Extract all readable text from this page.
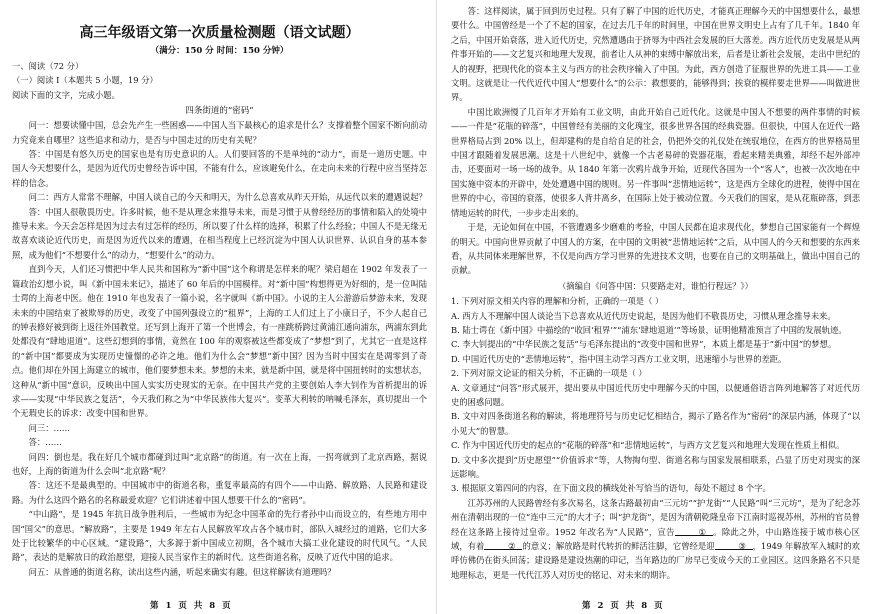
高三年级语文第一次质量检测题（语文试题）
（满分：150 分 时间：150 分钟）

一、阅读（72 分）

（一）阅读 I（本题共 5 小题，19 分）

阅读下面的文字，完成小题。

四条街道的“密码”

问一：想要读懂中国，总会先产生一些困惑——中国人当下最核心的追求是什么？支撑着整个国家不断向前动力究竟来自哪里？这些追求和动力，是否与中国走过的历史有关呢？

答：中国是有悠久历史的国家也是有历史意识的人。人们要回答的不是单纯的“动力”，而是一道历史题。中国人今天想要什么，是因为近代历史曾经告诉中国，不能有什么，应该避免什么，在走向未来的行程中应当坚持怎样的信念。

问二：西方人常常不理解，中国人谈自己的今天和明天，为什么总喜欢从昨天开始，从远代以来的遭遇说起？

答：中国人很敬畏历史。许多时候，他不是从理念来推导未来，而是习惯于从曾经经历的事情和陷入的处境中推导未来。今天会怎样是因为过去有过怎样的经历，所以要了什么样的选择，积累了什么经验；中国人不是无缘无故喜欢谈论近代历史，而是因为近代以来的遭遇，在相当程度上已经沉淀为中国人认识世界、认识自身的基本参照，成为他们“不想要什么”的动力，“想要什么”的动力。

直到今天，人们还习惯把中华人民共和国称为“新中国”这个称谓是怎样来的呢？梁启超在 1902 年发表了一篇政治幻想小说，叫《新中国未来记》，描述了 60 年后的中国模样。对“新中国”构想得更为好细的，是一位叫陆士谔的上海老中医。他在 1910 年也发表了一篇小说，名字就叫《新中国》。小说的主人公游游后梦游未来，发现未来的中国结束了被欺辱的历史，改变了中国列强设立的“租界”，上海的工人们过上了小康日子，不少人起自己的钟表修好被到街上返往外国教堂。还写到上海开了第一个世博会，有一座跳桥跨过黄浦江通向浦东，两浦东到此处都没有“肆地退道”。这些幻想到的事情，竟然在 100 年的观察被这些都变成了“梦想”到了，尤其它一直是这样的“新中国”都要成为实现历史憧憬的必许之地。他们为什么会“梦想”新中国？因为当时中国实在是凋零到了奇点。他们却在外国上海建立的城市，他们要梦想未来。梦想的未来，就是新中国，就是将中国扭转时的实想状态，这种从“新中国”意识，反映出中国人实实历史现实的无奈。在中国共产党的主要创始人李大钊作为首析提出的诉求——实现“中华民族之复活”，今天我们称之为“中华民族伟大复兴”。变革大利转的呐喊毛泽东，真切提出一个个无瑕史长的诉求：改变中国和世界。

问三：……

答：……

问四：倒也是。我在好几个城市都碰到过叫“北京路”的街道。有一次在上海，一拐弯就到了北京西路，据说也好，上海的街道为什么会叫“北京路”呢？

答：这还不是最典型的。中国城市中的街道名称，重复率最高的有四个——中山路、解放路、人民路和建设路。为什么这四个路名的名称最爱欢迎？它们讲述着中国人想要干什么的“密码”。

“中山路”，是 1945 年抗日战争胜利后，一些城市为纪念中国革命的先行者孙中山而设立的，有些地方用中国“国父”的意思。“解放路”，主要是 1949 年左右人民解放军攻占各个城市时，部队入城经过的道路，它们大多处于比较繁华的中心区域。“建设路”，大多源于新中国成立初期，各个城市大搞工业化建设的时代风气。“人民路”，表达的是解放日的政治愿望，迎接人民当家作主的新时代。这些街道名称，反映了近代中国的追求。

问五：从普通的街道名称，读出这些内涵，听起来确实有趣。但这样解读有道理吗？

答：这样阅读，属于回到历史过程。只有了解了中国的近代历史，才能真正理解今天的中国想要什么，最想要什么。中国曾经是一个了不起的国家，在过去几千年的时间里，中国在世界文明史上占有了几千年。1840 年之后，中国开始衰落，进入近代历史，究然遭遇由于挤辱为中西社会发展的巨大落差。西方近代历史发展是从两件事开始的——文艺复兴和地理大发现，前者让人从神的束缚中解放出来，后者是让新社会发展，走出中世纪的人的视野，把现代化的资本主义与西方的社会秩序输入了中国。为此，西方创造了征服世界的先进工具——工业文明。这就是让一代代近代中国人“想要什么”的公示：救想要的，能够得到；挨衰的模样要走世界——叫做进世界。

中国比欧洲慢了几百年才开始有工业文明，由此开始自己近代化。这就是中国人不想要的两件事情的时候——一件是“花瓶的碎落”，中国曾经有美丽的文化瑰宝，很多世界各国的经典瓷器。但很快，中国人在近代一路世界格局占到 20% 以上，但却建构的是自给自足的社会，仍把外交的礼仪处在统驭地位，在西方的世界格局里中国才跟随着发展思潮。这是十八世纪中，就像一个古老易碎的瓷器花瓶，看起来精美典雅，却经不起外部冲击，还要面对一场一场的战争。从 1840 年第一次鸦片战争开始，近现代各国为一个“客人”，也被一次次地在中国实施中资本的开辟中，处处遭遇中国的规则。另一件事叫“悲情地运转”，这是西方全球化的进程，使得中国在世界的中心，帝国的衰落，使很多人背井离乡，在国际上处于被动位置。今天我们的国家，是从花瓶碎落，到悲情地运转的时代，一步步走出来的。

于是，无论如何在中国，不管遭遇多少磨难的考验，中国人民都在追求现代化，梦想自己国家能有一个辉煌的明天。中国向世界贡献了中国人的方案，在中国的文明被“悲情地运转”之后，从中国人的今天和想要的东西来看，从共同体来理解世界，不仅是向西方学习世界的先进技术文明，也要在自己的文明基础上，做出中国自己的贡献。

（摘编自《问答中国：只要路走对，谁怕行程远？》）

1. 下列对原文相关内容的理解和分析，正确的一项是（ ）

A. 西方人不理解中国人谈论当下总喜欢从近代历史说起，是因为他们不敬畏历史，习惯从理念推导未来。

B. 陆士谔在《新中国》中描绘的“收回‘租界’”“浦东‘肆地退道’”等场景，证明他精准预言了中国的发展轨迹。

C. 李大钊提出的“中华民族之复活”与毛泽东提出的“改变中国和世界”，本质上都是基于“新中国”的梦想。

D. 中国近代历史的“悲情地运转”，指中国主动学习西方工业文明，迅速缩小与世界的差距。

2. 下列对原文论证的相关分析，不正确的一项是（ ）

A. 文章通过“问答”形式展开，提出要从中国近代历史中理解今天的中国，以便通俗语言阵列地解答了对近代历史的困惑问题。

B. 文中对四条街道名称的解读，将地理符号与历史记忆相结合，揭示了路名作为“密码”的深层内涵，体现了“以小见大”的智慧。

C. 作为中国近代历史的起点的“花瓶的碎落”和“悲情地运转”，与西方文艺复兴和地理大发现在性质上相似。

D. 文中多次提到“历史愿望”“价值诉求”等，人物掏句型、街道名称与国家发展相联系，凸显了历史对现实的深远影响。

3. 根据原文第四问的内容，在下面文段的横线处补写恰当的语句，每处不超过 8 个字。

江苏苏州的人民路曾经有多次易名，这条古路最初由“三元坊”“护龙街”“人民路”叫“三元坊”，是为了纪念苏州在清朝出现的一位“连中三元”的大才子；叫“护龙街”，是因为清朝乾隆皇帝下江南时巡视苏州，苏州的官员曾经在这条路上接待过皇帝。1952 年改名为“人民路”，宣告	① 。除此之外，中山路连接于城市核心区域，有着	② 的意义；解放路是时代转折的鲜活注脚，它曾经是迎	③ ，1949 年解放军入城时的欢呼仿佛仍在街头回荡；建设路是建设热潮的印记，当年路边的厂房早已变成今天的工业园区。这四条路名不只是地理标志，更是一代代江苏人对历史的铭记、对未来的期许。

第 1 页 共 8 页	第 2 页 共 8 页
